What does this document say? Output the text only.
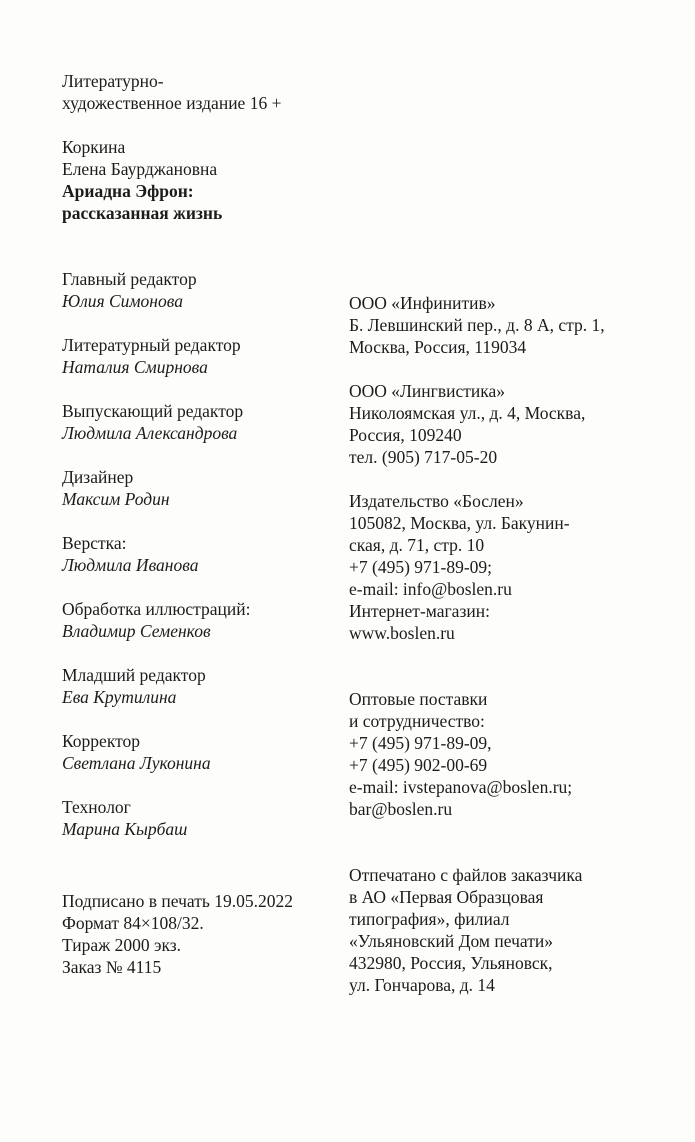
Литературно-
художественное издание 16 +
Коркина
Елена Баурджановна
Ариадна Эфрон:
рассказанная жизнь
Главный редактор
Юлия Симонова
Литературный редактор
Наталия Смирнова
Выпускающий редактор
Людмила Александрова
Дизайнер
Максим Родин
Верстка:
Людмила Иванова
Обработка иллюстраций:
Владимир Семенков
Младший редактор
Ева Крутилина
Корректор
Светлана Луконина
Технолог
Марина Кырбаш
Подписано в печать 19.05.2022
Формат 84×108/32.
Тираж 2000 экз.
Заказ № 4115
ООО «Инфинитив»
Б. Левшинский пер., д. 8 А, стр. 1,
Москва, Россия, 119034
ООО «Лингвистика»
Николоямская ул., д. 4, Москва,
Россия, 109240
тел. (905) 717-05-20
Издательство «Бослен»
105082, Москва, ул. Бакунин-
ская, д. 71, стр. 10
+7 (495) 971-89-09;
e-mail: info@boslen.ru
Интернет-магазин:
www.boslen.ru
Оптовые поставки
и сотрудничество:
+7 (495) 971-89-09,
+7 (495) 902-00-69
e-mail: ivstepanova@boslen.ru;
bar@boslen.ru
Отпечатано с файлов заказчика
в АО «Первая Образцовая
типография», филиал
«Ульяновский Дом печати»
432980, Россия, Ульяновск,
ул. Гончарова, д. 14
